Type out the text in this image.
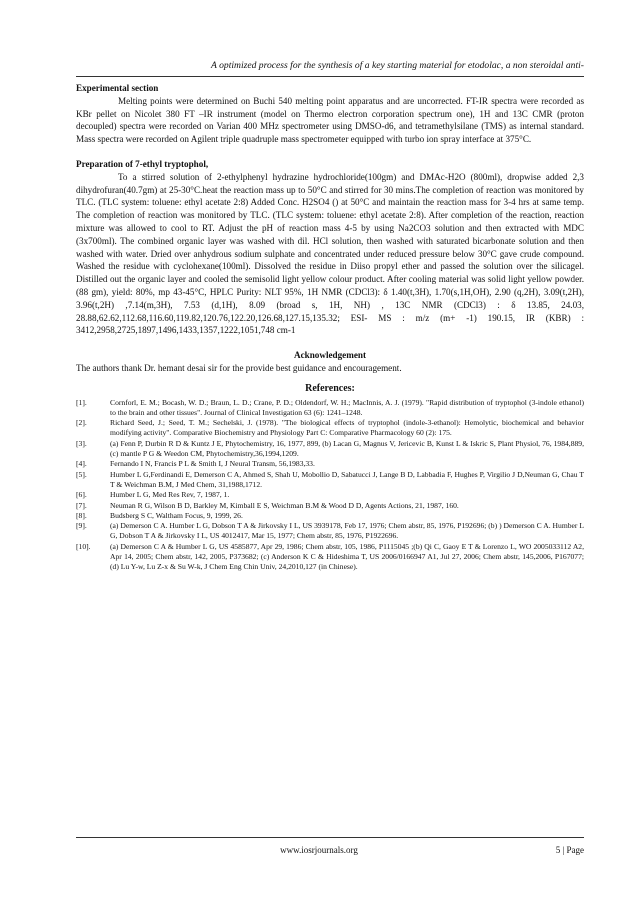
A optimized process for the synthesis of a key starting material for etodolac, a non steroidal anti-

Experimental section

Melting points were determined on Buchi 540 melting point apparatus and are uncorrected. FT-IR spectra were recorded as KBr pellet on Nicolet 380 FT –IR instrument (model on Thermo electron corporation spectrum one), 1H and 13C CMR (proton decoupled) spectra were recorded on Varian 400 MHz spectrometer using DMSO-d6, and tetramethylsilane (TMS) as internal standard. Mass spectra were recorded on Agilent triple quadruple mass spectrometer equipped with turbo ion spray interface at 375°C.

Preparation of 7-ethyl tryptophol,

To a stirred solution of 2-ethylphenyl hydrazine hydrochloride(100gm) and DMAc-H2O (800ml), dropwise added 2,3 dihydrofuran(40.7gm) at 25-30°C.heat the reaction mass up to 50°C and stirred for 30 mins.The completion of reaction was monitored by TLC. (TLC system: toluene: ethyl acetate 2:8) Added Conc. H2SO4 () at 50°C and maintain the reaction mass for 3-4 hrs at same temp. The completion of reaction was monitored by TLC. (TLC system: toluene: ethyl acetate 2:8). After completion of the reaction, reaction mixture was allowed to cool to RT. Adjust the pH of reaction mass 4-5 by using Na2CO3 solution and then extracted with MDC (3x700ml). The combined organic layer was washed with dil. HCl solution, then washed with saturated bicarbonate solution and then washed with water. Dried over anhydrous sodium sulphate and concentrated under reduced pressure below 30°C gave crude compound. Washed the residue with cyclohexane(100ml). Dissolved the residue in Diiso propyl ether and passed the solution over the silicagel. Distilled out the organic layer and cooled the semisolid light yellow colour product. After cooling material was solid light yellow powder. (88 gm), yield: 80%, mp 43-45°C, HPLC Purity: NLT 95%, 1H NMR (CDCl3): δ 1.40(t,3H), 1.70(s,1H,OH), 2.90 (q,2H), 3.09(t,2H), 3.96(t,2H) ,7.14(m,3H), 7.53 (d,1H), 8.09 (broad s, 1H, NH) , 13C NMR (CDCl3) : δ 13.85, 24.03, 28.88,62.62,112.68,116.60,119.82,120.76,122.20,126.68,127.15,135.32; ESI- MS : m/z (m+ -1) 190.15, IR (KBR) : 3412,2958,2725,1897,1496,1433,1357,1222,1051,748 cm-1

Acknowledgement

The authors thank Dr. hemant desai sir for the provide best guidance and encouragement.

References:

[1].	Cornforl, E. M.; Bocash, W. D.; Braun, L. D.; Crane, P. D.; Oldendorf, W. H.; MacInnis, A. J. (1979). "Rapid distribution of tryptophol (3-indole ethanol) to the brain and other tissues". Journal of Clinical Investigation 63 (6): 1241–1248.
[2].	Richard Seed, J.; Seed, T. M.; Sechelski, J. (1978). "The biological effects of tryptophol (indole-3-ethanol): Hemolytic, biochemical and behavior modifying activity". Comparative Biochemistry and Physiology Part C: Comparative Pharmacology 60 (2): 175.
[3].	(a) Fenn P, Durbin R D & Kuntz J E, Phytochemistry, 16, 1977, 899, (b) Lacan G, Magnus V, Jericevic B, Kunst L & Iskric S, Plant Physiol, 76, 1984,889,(c) mantle P G & Weedon CM, Phytochemistry,36,1994,1209.
[4].	Fernando I N, Francis P L & Smith I, J Neural Transm, 56,1983,33.
[5].	Humber L G,Ferdinandi E, Demerson C A, Ahmed S, Shah U, Mobollio D, Sabatucci J, Lange B D, Labbadia F, Hughes P, Virgilio J D,Neuman G, Chau T T & Weichman B.M, J Med Chem, 31,1988,1712.
[6].	Humber L G, Med Res Rev, 7, 1987, 1.
[7].	Neuman R G, Wilson B D, Barkley M, Kimball E S, Weichman B.M & Wood D D, Agents Actions, 21, 1987, 160.
[8].	Budsberg S C, Waltham Focus, 9, 1999, 26.
[9].	(a) Demerson C A. Humber L G, Dobson T A & Jirkovsky I L, US 3939178, Feb 17, 1976; Chem abstr, 85, 1976, P192696; (b) ) Demerson C A. Humber L G, Dobson T A & Jirkovsky I L, US 4012417, Mar 15, 1977; Chem abstr, 85, 1976, P1922696.
[10].	(a) Demerson C A & Humber L G, US 4585877, Apr 29, 1986; Chem abstr, 105, 1986, P1115045 ;(b) Qi C, Gaoy E T & Lorenzo L, WO 2005033112 A2, Apr 14, 2005; Chem abstr, 142, 2005, P373682; (c) Anderson K C & Hideshima T, US 2006/0166947 A1, Jul 27, 2006; Chem abstr, 145,2006, P167077; (d) Lu Y-w, Lu Z-x & Su W-k, J Chem Eng Chin Univ, 24,2010,127 (in Chinese).
www.iosrjournals.org	5 | Page
